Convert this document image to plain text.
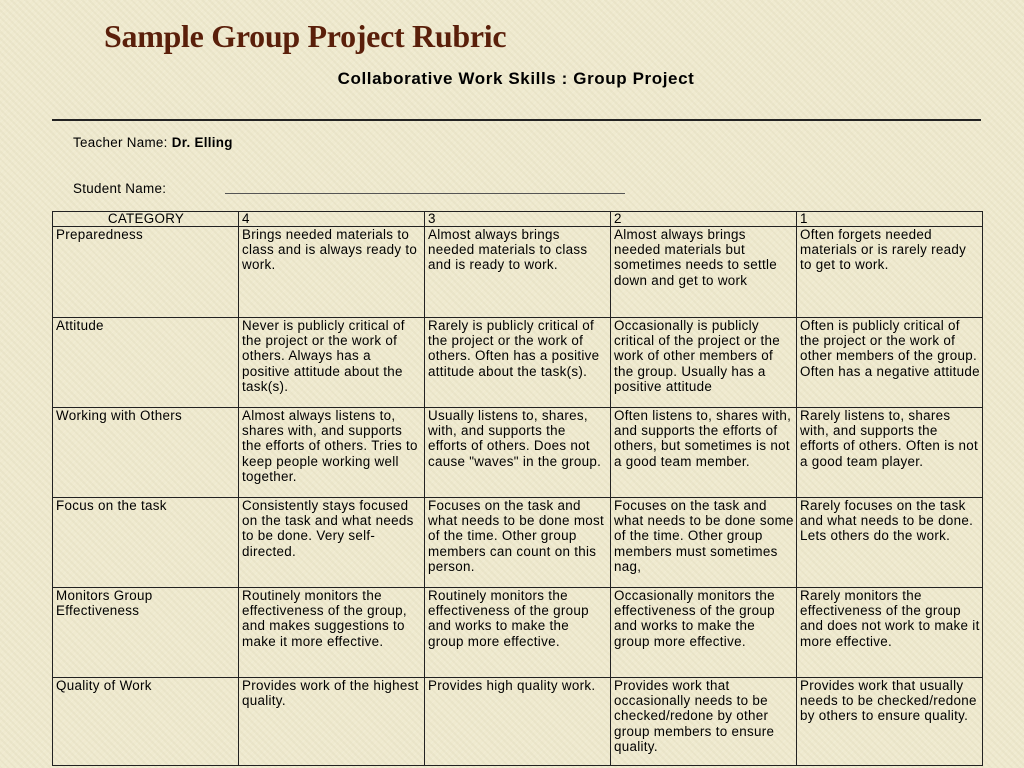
Sample Group Project Rubric
Collaborative Work Skills : Group Project
Teacher Name: Dr. Elling
Student Name:
CATEGORY	4	3	2	1
Preparedness	Brings needed materials to class and is always ready to work.	Almost always brings needed materials to class and is ready to work.	Almost always brings needed materials but sometimes needs to settle down and get to work	Often forgets needed materials or is rarely ready to get to work.

Attitude	Never is publicly critical of the project or the work of others. Always has a positive attitude about the task(s).	Rarely is publicly critical of the project or the work of others. Often has a positive attitude about the task(s).	Occasionally is publicly critical of the project or the work of other members of the group. Usually has a positive attitude	Often is publicly critical of the project or the work of other members of the group. Often has a negative attitude

Working with Others	Almost always listens to, shares with, and supports the efforts of others. Tries to keep people working well together.	Usually listens to, shares, with, and supports the efforts of others. Does not cause "waves" in the group.	Often listens to, shares with, and supports the efforts of others, but sometimes is not a good team member.	Rarely listens to, shares with, and supports the efforts of others. Often is not a good team player.

Focus on the task	Consistently stays focused on the task and what needs to be done. Very self-directed.	Focuses on the task and what needs to be done most of the time. Other group members can count on this person.	Focuses on the task and what needs to be done some of the time. Other group members must sometimes nag,	Rarely focuses on the task and what needs to be done. Lets others do the work.

Monitors Group Effectiveness	Routinely monitors the effectiveness of the group, and makes suggestions to make it more effective.	Routinely monitors the effectiveness of the group and works to make the group more effective.	Occasionally monitors the effectiveness of the group and works to make the group more effective.	Rarely monitors the effectiveness of the group and does not work to make it more effective.

Quality of Work	Provides work of the highest quality.	Provides high quality work.	Provides work that occasionally needs to be checked/redone by other group members to ensure quality.	Provides work that usually needs to be checked/redone by others to ensure quality.
